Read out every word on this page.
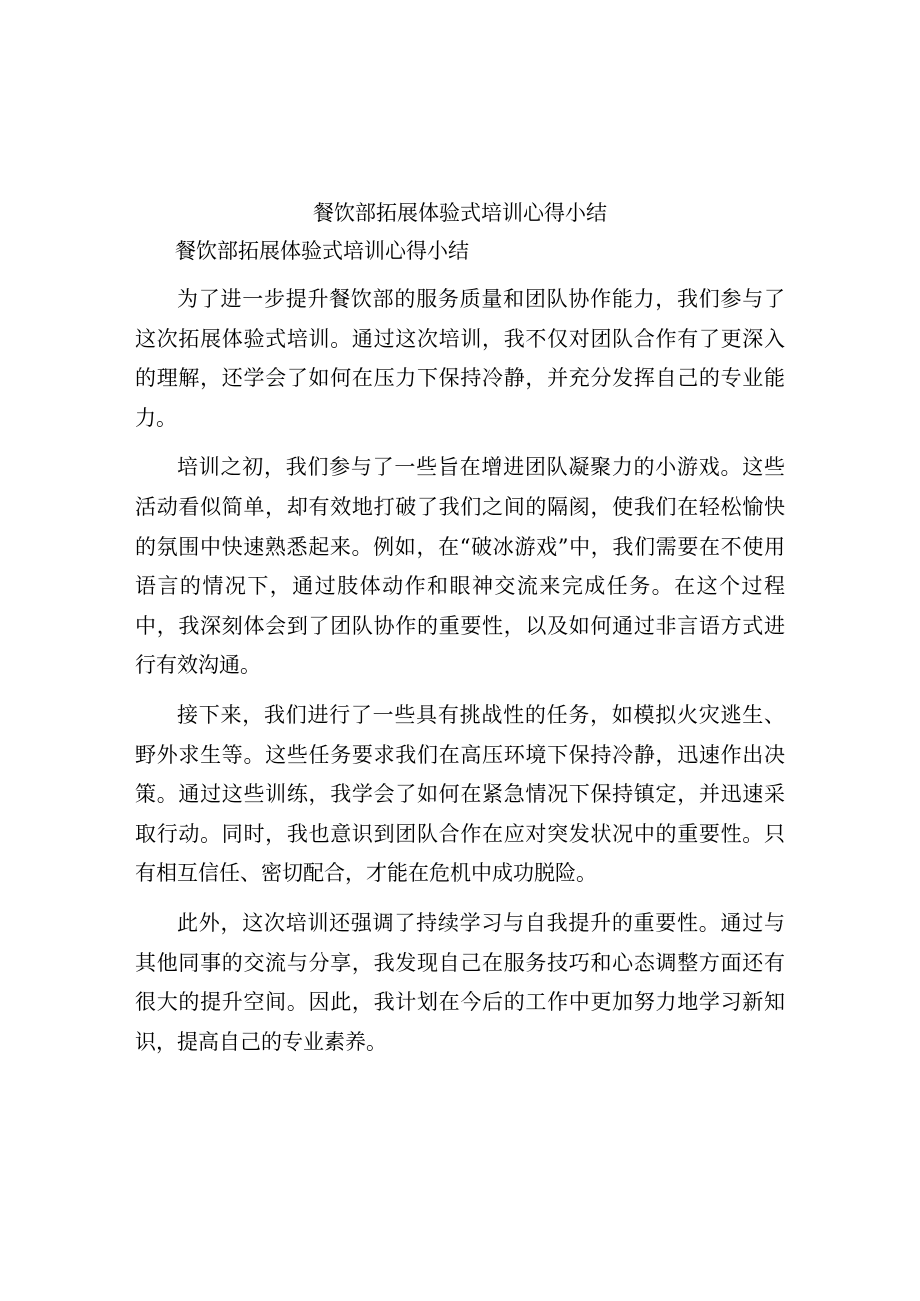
餐饮部拓展体验式培训心得小结

餐饮部拓展体验式培训心得小结

为了进一步提升餐饮部的服务质量和团队协作能力，我们参与了这次拓展体验式培训。通过这次培训，我不仅对团队合作有了更深入的理解，还学会了如何在压力下保持冷静，并充分发挥自己的专业能力。

培训之初，我们参与了一些旨在增进团队凝聚力的小游戏。这些活动看似简单，却有效地打破了我们之间的隔阂，使我们在轻松愉快的氛围中快速熟悉起来。例如，在“破冰游戏”中，我们需要在不使用语言的情况下，通过肢体动作和眼神交流来完成任务。在这个过程中，我深刻体会到了团队协作的重要性，以及如何通过非言语方式进行有效沟通。

接下来，我们进行了一些具有挑战性的任务，如模拟火灾逃生、野外求生等。这些任务要求我们在高压环境下保持冷静，迅速作出决策。通过这些训练，我学会了如何在紧急情况下保持镇定，并迅速采取行动。同时，我也意识到团队合作在应对突发状况中的重要性。只有相互信任、密切配合，才能在危机中成功脱险。

此外，这次培训还强调了持续学习与自我提升的重要性。通过与其他同事的交流与分享，我发现自己在服务技巧和心态调整方面还有很大的提升空间。因此，我计划在今后的工作中更加努力地学习新知识，提高自己的专业素养。
